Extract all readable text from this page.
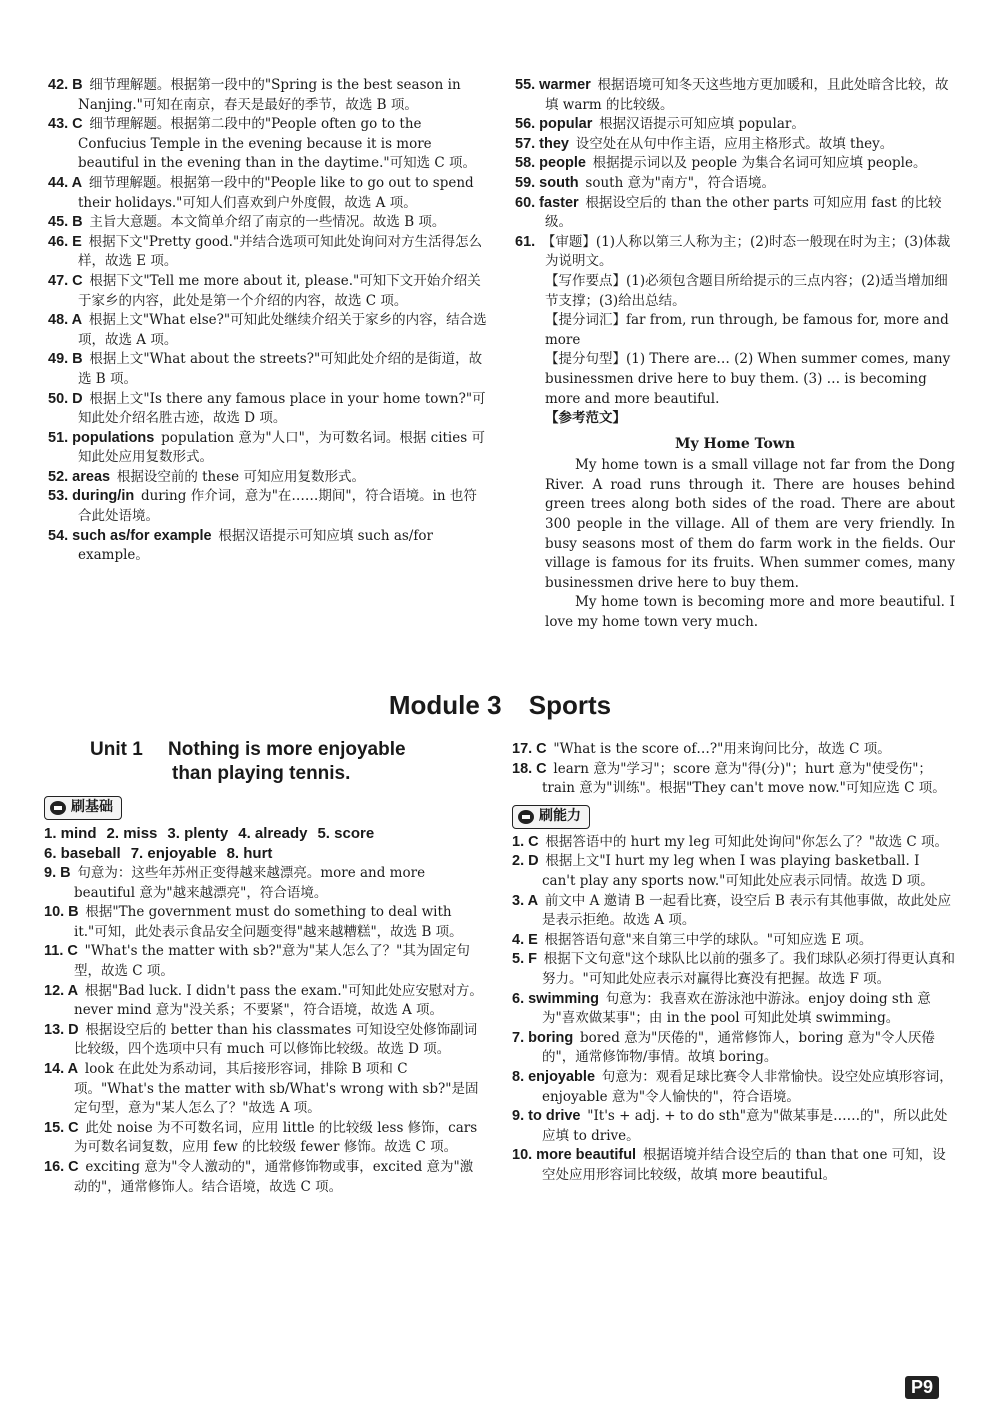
42. B  细节理解题。根据第一段中的"Spring is the best season in Nanjing."可知在南京，春天是最好的季节，故选 B 项。
43. C  细节理解题。根据第二段中的"People often go to the Confucius Temple in the evening because it is more beautiful in the evening than in the daytime."可知选 C 项。
44. A  细节理解题。根据第一段中的"People like to go out to spend their holidays."可知人们喜欢到户外度假，故选 A 项。
45. B  主旨大意题。本文简单介绍了南京的一些情况。故选 B 项。
46. E  根据下文"Pretty good."并结合选项可知此处询问对方生活得怎么样，故选 E 项。
47. C  根据下文"Tell me more about it, please."可知下文开始介绍关于家乡的内容，此处是第一个介绍的内容，故选 C 项。
48. A  根据上文"What else?"可知此处继续介绍关于家乡的内容，结合选项，故选 A 项。
49. B  根据上文"What about the streets?"可知此处介绍的是街道，故选 B 项。
50. D  根据上文"Is there any famous place in your home town?"可知此处介绍名胜古迹，故选 D 项。
51. populations  population 意为"人口"，为可数名词。根据 cities 可知此处应用复数形式。
52. areas  根据设空前的 these 可知应用复数形式。
53. during/in  during 作介词，意为"在……期间"，符合语境。in 也符合此处语境。
54. such as/for example  根据汉语提示可知应填 such as/for example。
55. warmer  根据语境可知冬天这些地方更加暖和，且此处暗含比较，故填 warm 的比较级。
56. popular  根据汉语提示可知应填 popular。
57. they  设空处在从句中作主语，应用主格形式。故填 they。
58. people  根据提示词以及 people 为集合名词可知应填 people。
59. south  south 意为"南方"，符合语境。
60. faster  根据设空后的 than the other parts 可知应用 fast 的比较级。
61.  【审题】(1)人称以第三人称为主；(2)时态一般现在时为主；(3)体裁为说明文。
【写作要点】(1)必须包含题目所给提示的三点内容；(2)适当增加细节支撑；(3)给出总结。
【提分词汇】far from, run through, be famous for, more and more
【提分句型】(1) There are… (2) When summer comes, many businessmen drive here to buy them. (3) … is becoming more and more beautiful.
【参考范文】
My Home Town
My home town is a small village not far from the Dong River. A road runs through it. There are houses behind green trees along both sides of the road. There are about 300 people in the village. All of them are very friendly. In busy seasons most of them do farm work in the fields. Our village is famous for its fruits. When summer comes, many businessmen drive here to buy them.
My home town is becoming more and more beautiful. I love my home town very much.
Module 3 Sports
Unit 1 Nothing is more enjoyable
than playing tennis.
刷基础
1. mind 2. miss 3. plenty 4. already 5. score
6. baseball 7. enjoyable 8. hurt
9. B  句意为：这些年苏州正变得越来越漂亮。more and more beautiful 意为"越来越漂亮"，符合语境。
10. B  根据"The government must do something to deal with it."可知，此处表示食品安全问题变得"越来越糟糕"，故选 B 项。
11. C  "What's the matter with sb?"意为"某人怎么了？"其为固定句型，故选 C 项。
12. A  根据"Bad luck. I didn't pass the exam."可知此处应安慰对方。never mind 意为"没关系；不要紧"，符合语境，故选 A 项。
13. D  根据设空后的 better than his classmates 可知设空处修饰副词比较级，四个选项中只有 much 可以修饰比较级。故选 D 项。
14. A  look 在此处为系动词，其后接形容词，排除 B 项和 C 项。"What's the matter with sb/What's wrong with sb?"是固定句型，意为"某人怎么了？"故选 A 项。
15. C  此处 noise 为不可数名词，应用 little 的比较级 less 修饰，cars 为可数名词复数，应用 few 的比较级 fewer 修饰。故选 C 项。
16. C  exciting 意为"令人激动的"，通常修饰物或事，excited 意为"激动的"，通常修饰人。结合语境，故选 C 项。
17. C  "What is the score of…?"用来询问比分，故选 C 项。
18. C  learn 意为"学习"；score 意为"得(分)"；hurt 意为"使受伤"；train 意为"训练"。根据"They can't move now."可知应选 C 项。
刷能力
1. C  根据答语中的 hurt my leg 可知此处询问"你怎么了？"故选 C 项。
2. D  根据上文"I hurt my leg when I was playing basketball. I can't play any sports now."可知此处应表示同情。故选 D 项。
3. A  前文中 A 邀请 B 一起看比赛，设空后 B 表示有其他事做，故此处应是表示拒绝。故选 A 项。
4. E  根据答语句意"来自第三中学的球队。"可知应选 E 项。
5. F  根据下文句意"这个球队比以前的强多了。我们球队必须打得更认真和努力。"可知此处应表示对赢得比赛没有把握。故选 F 项。
6. swimming  句意为：我喜欢在游泳池中游泳。enjoy doing sth 意为"喜欢做某事"；由 in the pool 可知此处填 swimming。
7. boring  bored 意为"厌倦的"，通常修饰人，boring 意为"令人厌倦的"，通常修饰物/事情。故填 boring。
8. enjoyable  句意为：观看足球比赛令人非常愉快。设空处应填形容词，enjoyable 意为"令人愉快的"，符合语境。
9. to drive  "It's + adj. + to do sth"意为"做某事是……的"，所以此处应填 to drive。
10. more beautiful  根据语境并结合设空后的 than that one 可知，设空处应用形容词比较级，故填 more beautiful。
P9
